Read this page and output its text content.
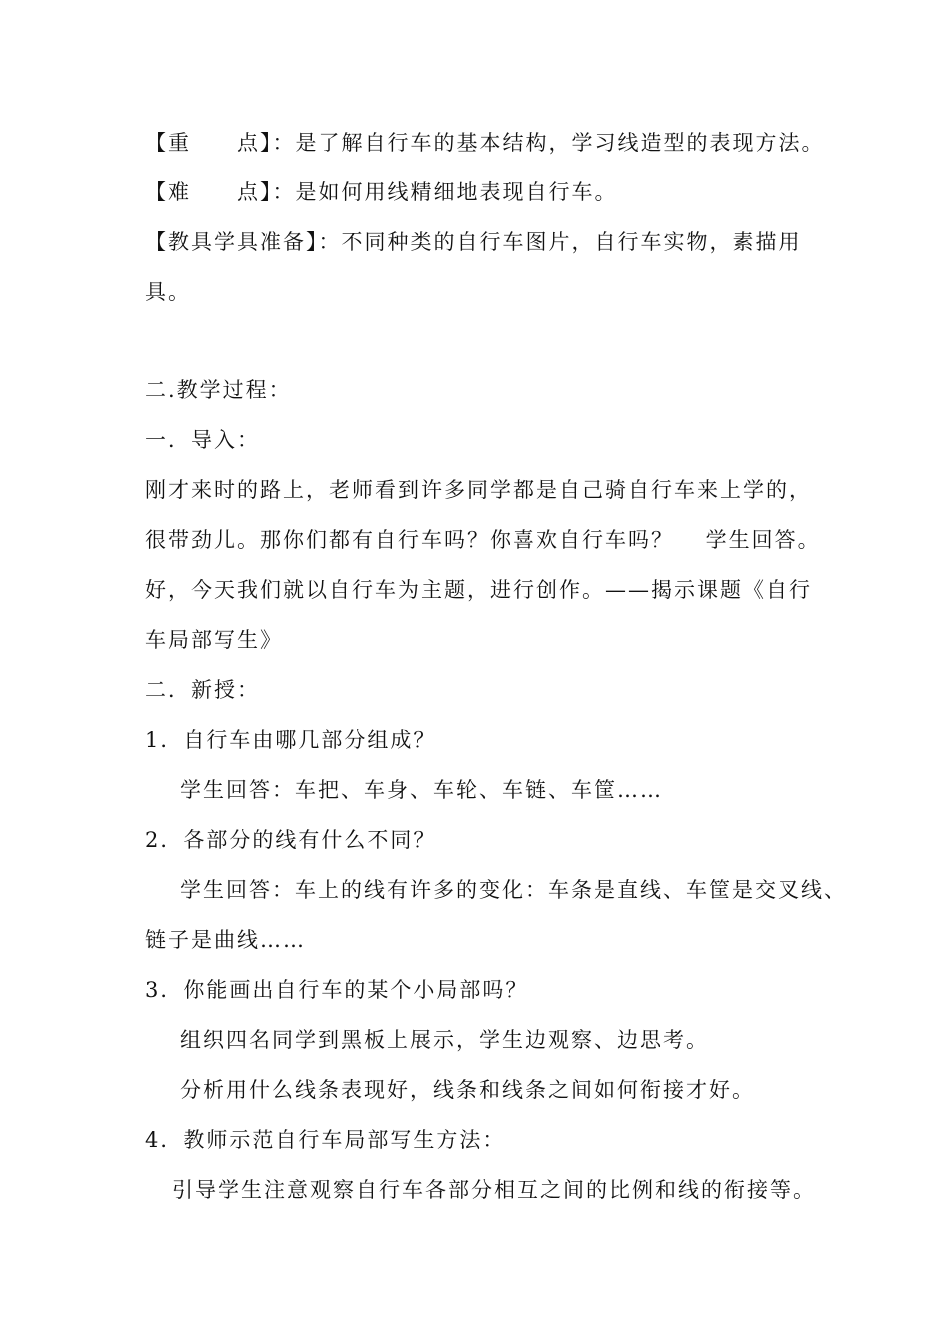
【重　　点】：是了解自行车的基本结构，学习线造型的表现方法。
【难　　点】：是如何用线精细地表现自行车。
【教具学具准备】：不同种类的自行车图片，自行车实物，素描用
具。
二.教学过程：
一．导入：
刚才来时的路上，老师看到许多同学都是自己骑自行车来上学的，
很带劲儿。那你们都有自行车吗？你喜欢自行车吗？　 学生回答。
好，今天我们就以自行车为主题，进行创作。——揭示课题《自行
车局部写生》
二．新授：
1．自行车由哪几部分组成？
学生回答：车把、车身、车轮、车链、车筐……
2．各部分的线有什么不同？
学生回答：车上的线有许多的变化：车条是直线、车筐是交叉线、
链子是曲线……
3．你能画出自行车的某个小局部吗？
组织四名同学到黑板上展示，学生边观察、边思考。
分析用什么线条表现好，线条和线条之间如何衔接才好。
4．教师示范自行车局部写生方法：
引导学生注意观察自行车各部分相互之间的比例和线的衔接等。
